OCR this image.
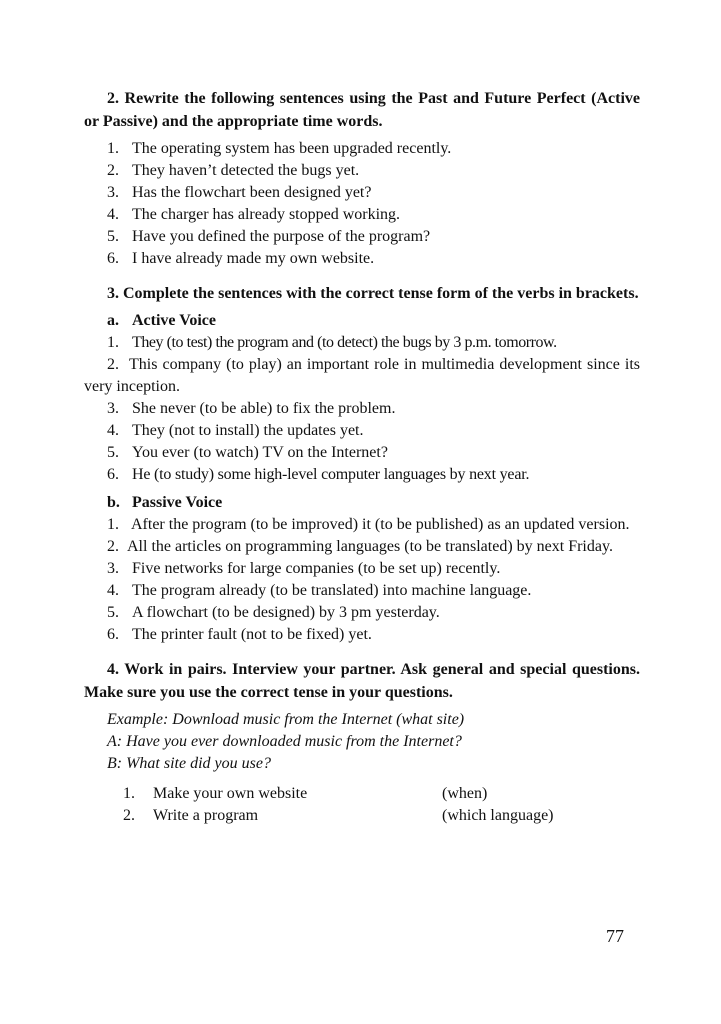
2. Rewrite the following sentences using the Past and Future Perfect (Active or Passive) and the appropriate time words.
1. The operating system has been upgraded recently.
2. They haven’t detected the bugs yet.
3. Has the flowchart been designed yet?
4. The charger has already stopped working.
5. Have you defined the purpose of the program?
6. I have already made my own website.
3. Complete the sentences with the correct tense form of the verbs in brackets.
a. Active Voice
1. They (to test) the program and (to detect) the bugs by 3 p.m. tomorrow.
2. This company (to play) an important role in multimedia development since its very inception.
3. She never (to be able) to fix the problem.
4. They (not to install) the updates yet.
5. You ever (to watch) TV on the Internet?
6. He (to study) some high-level computer languages by next year.
b. Passive Voice
1. After the program (to be improved) it (to be published) as an updated version.
2. All the articles on programming languages (to be translated) by next Friday.
3. Five networks for large companies (to be set up) recently.
4. The program already (to be translated) into machine language.
5. A flowchart (to be designed) by 3 pm yesterday.
6. The printer fault (not to be fixed) yet.
4. Work in pairs. Interview your partner. Ask general and special questions. Make sure you use the correct tense in your questions.
Example: Download music from the Internet (what site)
A: Have you ever downloaded music from the Internet?
B: What site did you use?
1.	Make your own website	(when)
2.	Write a program	(which language)
77
